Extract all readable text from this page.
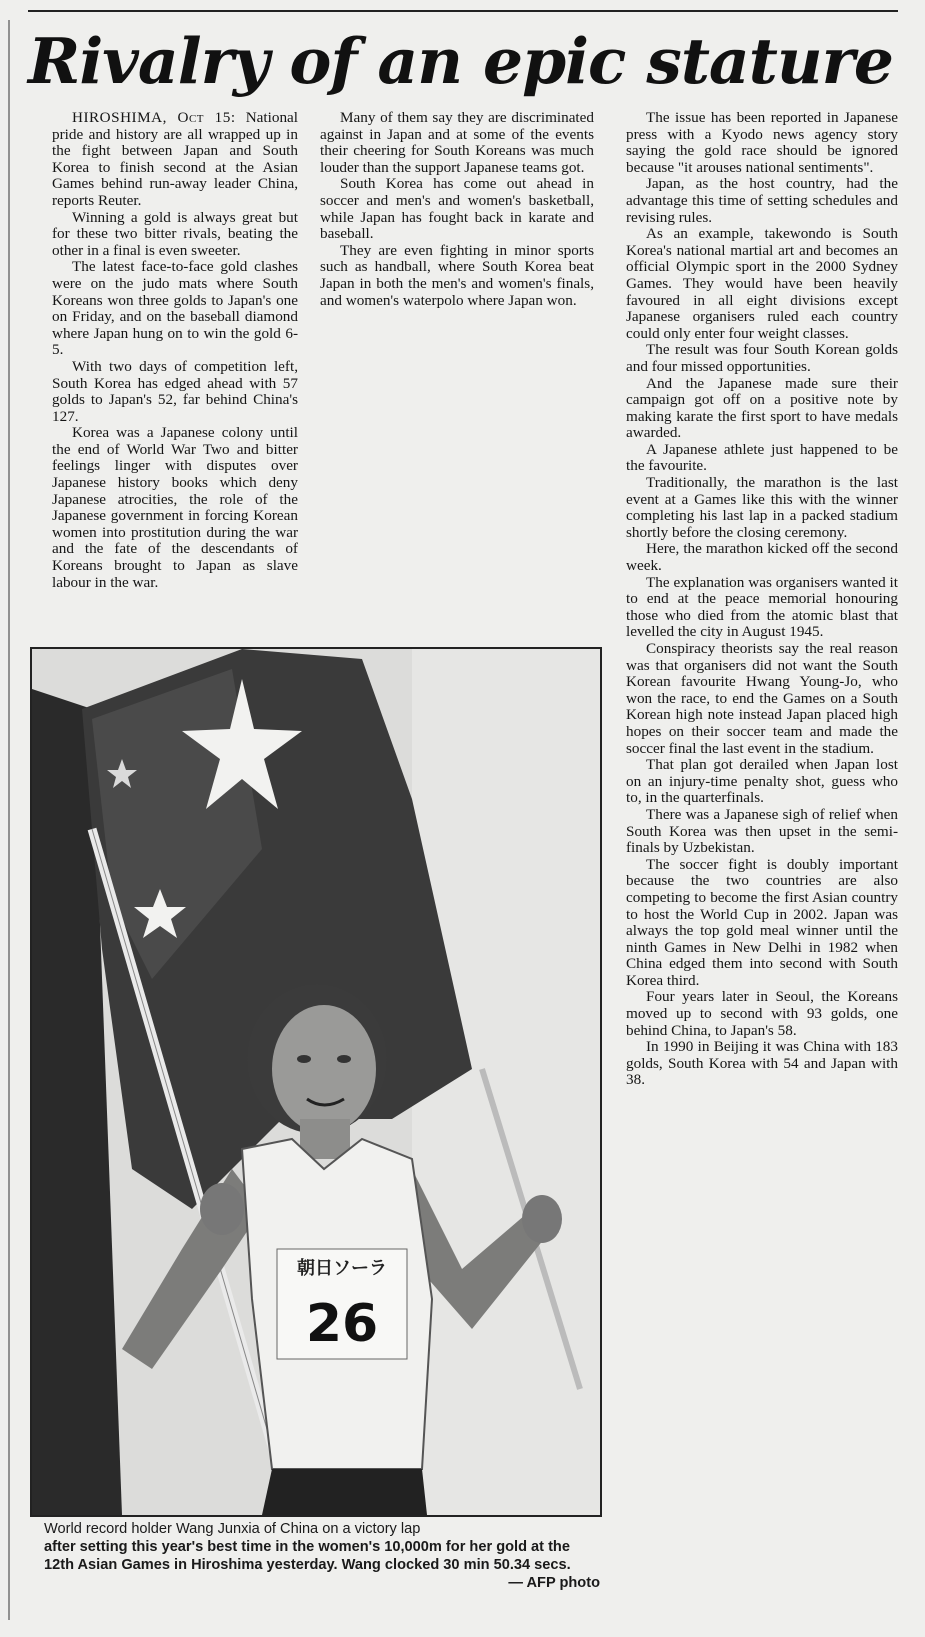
Rivalry of an epic stature

HIROSHIMA, Oct 15: National pride and history are all wrapped up in the fight between Japan and South Korea to finish second at the Asian Games behind run-away leader China, reports Reuter.

Winning a gold is always great but for these two bitter rivals, beating the other in a final is even sweeter.

The latest face-to-face gold clashes were on the judo mats where South Koreans won three golds to Japan's one on Friday, and on the baseball diamond where Japan hung on to win the gold 6-5.

With two days of competition left, South Korea has edged ahead with 57 golds to Japan's 52, far behind China's 127.

Korea was a Japanese colony until the end of World War Two and bitter feelings linger with disputes over Japanese history books which deny Japanese atrocities, the role of the Japanese government in forcing Korean women into prostitution during the war and the fate of the descendants of Koreans brought to Japan as slave labour in the war.

Many of them say they are discriminated against in Japan and at some of the events their cheering for South Koreans was much louder than the support Japanese teams got.

South Korea has come out ahead in soccer and men's and women's basketball, while Japan has fought back in karate and baseball.

They are even fighting in minor sports such as handball, where South Korea beat Japan in both the men's and women's finals, and women's waterpolo where Japan won.

The issue has been reported in Japanese press with a Kyodo news agency story saying the gold race should be ignored because "it arouses national sentiments".

Japan, as the host country, had the advantage this time of setting schedules and revising rules.

As an example, takewondo is South Korea's national martial art and becomes an official Olympic sport in the 2000 Sydney Games. They would have been heavily favoured in all eight divisions except Japanese organisers ruled each country could only enter four weight classes.

The result was four South Korean golds and four missed opportunities.

And the Japanese made sure their campaign got off on a positive note by making karate the first sport to have medals awarded.

A Japanese athlete just happened to be the favourite.

Traditionally, the marathon is the last event at a Games like this with the winner completing his last lap in a packed stadium shortly before the closing ceremony.

Here, the marathon kicked off the second week.

The explanation was organisers wanted it to end at the peace memorial honouring those who died from the atomic blast that levelled the city in August 1945.

Conspiracy theorists say the real reason was that organisers did not want the South Korean favourite Hwang Young-Jo, who won the race, to end the Games on a South Korean high note instead Japan placed high hopes on their soccer team and made the soccer final the last event in the stadium.

That plan got derailed when Japan lost on an injury-time penalty shot, guess who to, in the quarterfinals.

There was a Japanese sigh of relief when South Korea was then upset in the semi-finals by Uzbekistan.

The soccer fight is doubly important because the two countries are also competing to become the first Asian country to host the World Cup in 2002. Japan was always the top gold meal winner until the ninth Games in New Delhi in 1982 when China edged them into second with South Korea third.

Four years later in Seoul, the Koreans moved up to second with 93 golds, one behind China, to Japan's 58.

In 1990 in Beijing it was China with 183 golds, South Korea with 54 and Japan with 38.

朝日ソーラ
26
World record holder Wang Junxia of China on a victory lap
after setting this year's best time in the women's 10,000m for her gold at the 12th Asian Games in Hiroshima yesterday. Wang clocked 30 min 50.34 secs.
— AFP photo
